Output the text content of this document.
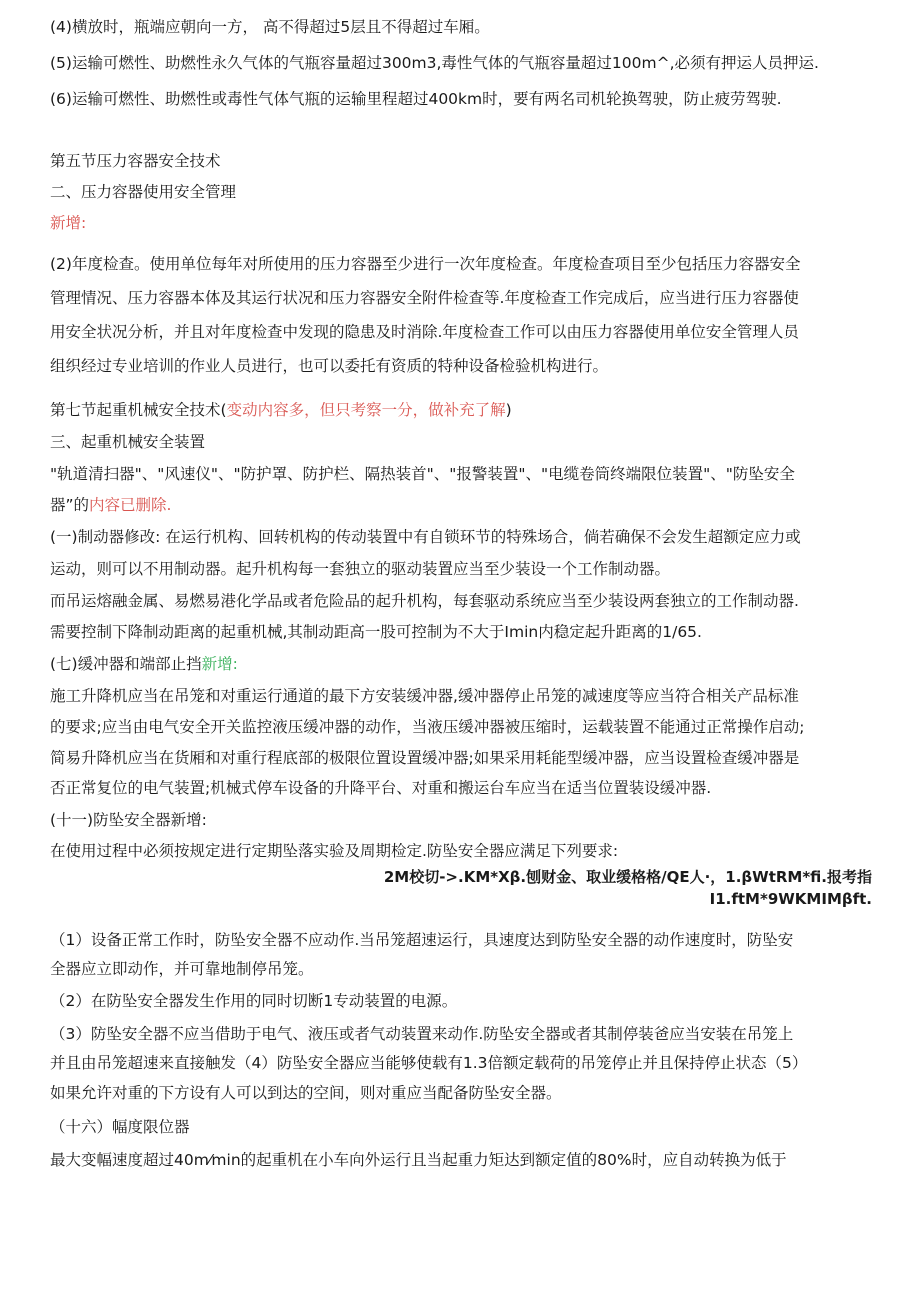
(4)横放时，瓶端应朝向一方， 高不得超过5层且不得超过车厢。
(5)运输可燃性、助燃性永久气体的气瓶容量超过300m3,毒性气体的气瓶容量超过100m^,必须有押运人员押运.
(6)运输可燃性、助燃性或毒性气体气瓶的运输里程超过400km时，要有两名司机轮换驾驶，防止疲劳驾驶.
第五节压力容器安全技术
二、压力容器使用安全管理
新增:
(2)年度检查。使用单位每年对所使用的压力容器至少进行一次年度检查。年度检查项目至少包括压力容器安全
管理情况、压力容器本体及其运行状况和压力容器安全附件检查等.年度检查工作完成后，应当进行压力容器使
用安全状况分析，并且对年度检查中发现的隐患及时消除.年度检查工作可以由压力容器使用单位安全管理人员
组织经过专业培训的作业人员进行，也可以委托有资质的特种设备检验机构进行。
第七节起重机械安全技术(变动内容多，但只考察一分，做补充了解)
三、起重机械安全装置
"轨道清扫器"、"风速仪"、"防护罩、防护栏、隔热装首"、"报警装置"、"电缆卷筒终端限位装置"、"防坠安全
器”的内容已删除.
(一)制动器修改: 在运行机构、回转机构的传动装置中有自锁环节的特殊场合，倘若确保不会发生超额定应力或
运动，则可以不用制动器。起升机构每一套独立的驱动装置应当至少装设一个工作制动器。
而吊运熔融金属、易燃易港化学品或者危险品的起升机构，每套驱动系统应当至少装设两套独立的工作制动器.
需要控制下降制动距离的起重机械,其制动距高一股可控制为不大于Imin内稳定起升距离的1/65.
(七)缓冲器和端部止挡新增:
施工升降机应当在吊笼和对重运行通道的最下方安装缓冲器,缓冲器停止吊笼的减速度等应当符合相关产品标准
的要求;应当由电气安全开关监控液压缓冲器的动作，当液压缓冲器被压缩时，运载装置不能通过正常操作启动;
简易升降机应当在货厢和对重行程底部的极限位置设置缓冲器;如果采用耗能型缓冲器，应当设置检查缓冲器是
否正常复位的电气装置;机械式停车设备的升降平台、对重和搬运台车应当在适当位置装设缓冲器.
(十一)防坠安全器新增:
在使用过程中必须按规定进行定期坠落实验及周期检定.防坠安全器应满足下列要求:
2M校切->.KM*Xβ.刨财金、取业缓格格/QE人·，1.βWtRM*fi.报考指
I1.ftM*9WKMIMβft.
（1）设备正常工作时，防坠安全器不应动作.当吊笼超速运行，具速度达到防坠安全器的动作速度时，防坠安
全器应立即动作，并可靠地制停吊笼。
（2）在防坠安全器发生作用的同时切断1专动装置的电源。
（3）防坠安全器不应当借助于电气、液压或者气动装置来动作.防坠安全器或者其制停装爸应当安装在吊笼上
并且由吊笼超速来直接触发（4）防坠安全器应当能够使载有1.3倍额定载荷的吊笼停止并且保持停止状态（5）
如果允许对重的下方设有人可以到达的空间，则对重应当配备防坠安全器。
（十六）幅度限位器
最大变幅速度超过40m⁄min的起重机在小车向外运行且当起重力矩达到额定值的80%时，应自动转换为低于
